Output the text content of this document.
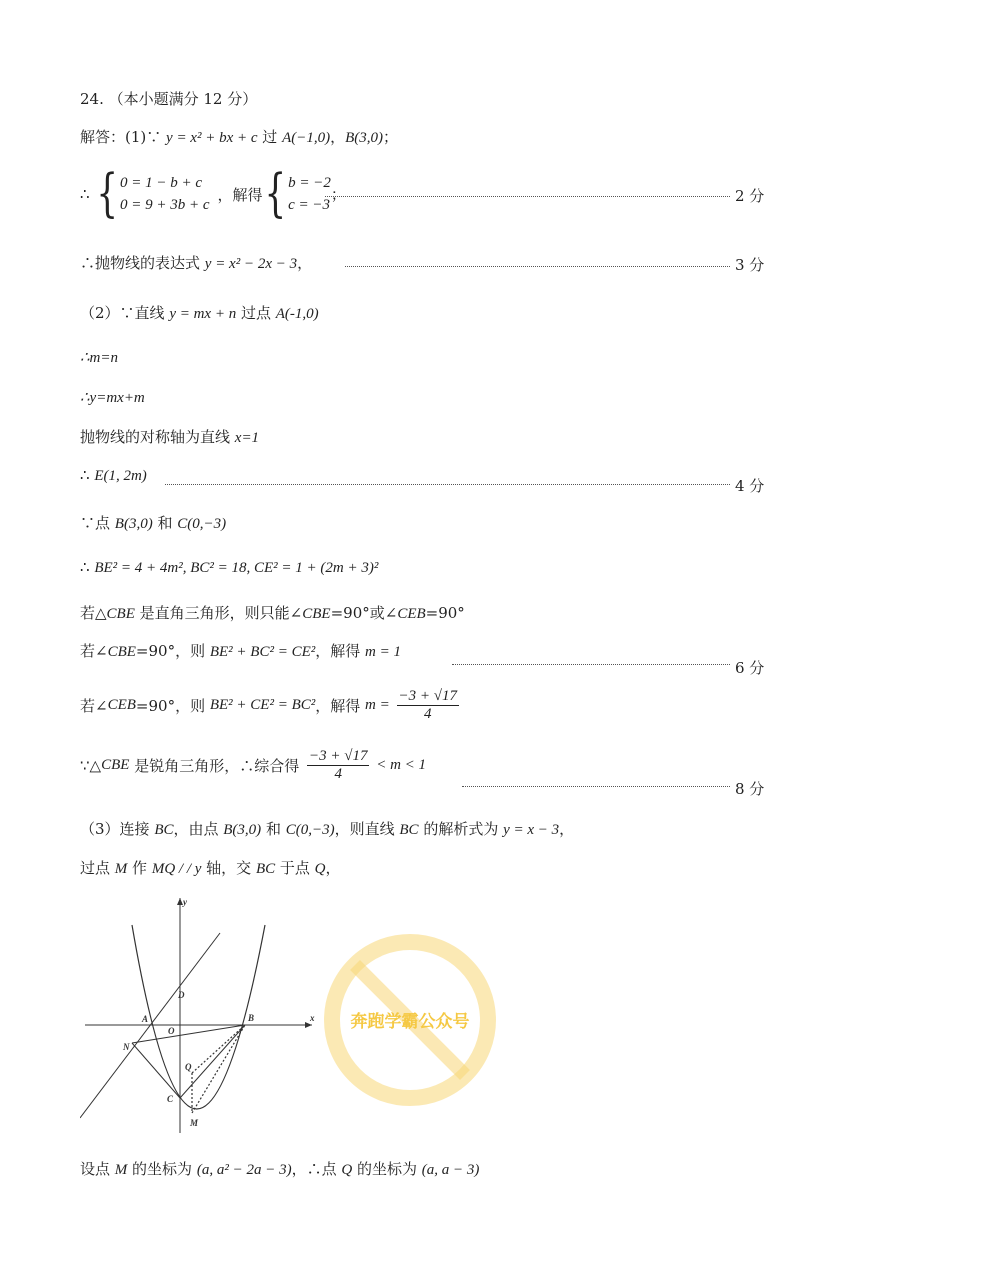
24. （本小题满分 12 分）
解答：(1)∵ y = x² + bx + c 过 A(−1,0)，B(3,0)；
∴ { 0 = 1 − b + c
0 = 9 + 3b + c
，解得{ b = −2
c = −3
；	2 分
∴抛物线的表达式 y = x² − 2x − 3，	3 分
（2）∵直线 y = mx + n 过点 A(-1,0)
∴m=n
∴y=mx+m
抛物线的对称轴为直线 x=1
∴ E(1, 2m)
4 分
∵点 B(3,0) 和 C(0,−3)
∴ BE² = 4 + 4m², BC² = 18, CE² = 1 + (2m + 3)²
若△CBE 是直角三角形，则只能∠CBE=90°或∠CEB=90°
若∠CBE=90°，则 BE² + BC² = CE²，解得 m = 1
6 分
若∠CEB=90°，则 BE² + CE² = BC²，解得 $m = \frac{-3 + √17}{4}$
∵△CBE 是锐角三角形，∴综合得 $\frac{-3 + √17}{4} < m < 1$
8 分
（3）连接 BC，由点 B(3,0) 和 C(0,−3)，则直线 BC 的解析式为 y = x − 3，
过点 M 作 MQ / / y 轴，交 BC 于点 Q，
y
x
D
A
O
B
N
Q
C
M
奔跑学霸公众号
设点 M 的坐标为 (a, a² − 2a − 3)，∴点 Q 的坐标为 (a, a − 3)
